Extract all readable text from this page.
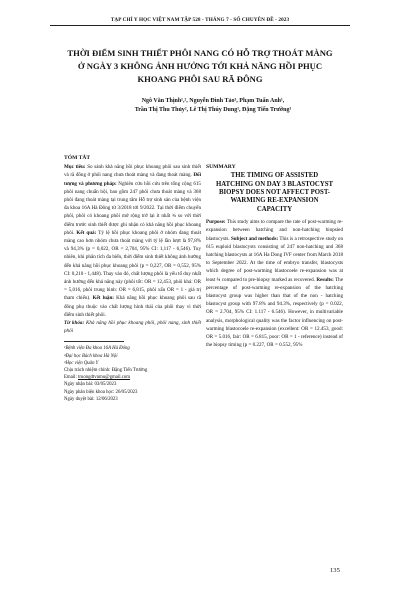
TẠP CHÍ Y HỌC VIỆT NAM TẬP 528 - THÁNG 7 - SỐ CHUYÊN ĐỀ - 2023
THỜI ĐIỂM SINH THIẾT PHÔI NANG CÓ HỖ TRỢ THOÁT MÀNG
Ở NGÀY 3 KHÔNG ẢNH HƯỞNG TỚI KHẢ NĂNG HỒI PHỤC
KHOANG PHÔI SAU RÃ ĐÔNG
Ngô Văn Thịnh¹,², Nguyễn Đình Tảo³, Phạm Tuấn Anh¹,
Trần Thị Thu Thủy², Lê Thị Thúy Dung¹, Đặng Tiến Trường¹
TÓM TẮT

Mục tiêu: So sánh khả năng hồi phục khoang phôi sau sinh thiết và rã đông ở phôi nang chưa thoát màng và đang thoát màng. Đối tượng và phương pháp: Nghiên cứu hồi cứu trên tổng cộng 615 phôi nang chuẩn bội, bao gồm 247 phôi chưa thoát màng và 368 phôi đang thoát màng tại trung tâm Hỗ trợ sinh sản của bệnh viện đa khoa 16A Hà Đông từ 3/2018 tới 9/2022. Tại thời điểm chuyển phôi, phôi có khoang phôi mở rộng trở lại ít nhất ¾ so với thời điểm trước sinh thiết được ghi nhận có khả năng hồi phục khoang phôi. Kết quả: Tỷ lệ hồi phục khoang phôi ở nhóm đang thoát màng cao hơn nhóm chưa thoát màng với tỷ lệ lần lượt là 97,8% và 94,3% (p = 0,022, OR = 2,704, 95% CI: 1,117 - 6,546). Tuy nhiên, khi phân tích đa biến, thời điểm sinh thiết không ảnh hưởng đến khả năng hồi phục khoang phôi (p = 0,227, OR = 0,552, 95% CI: 0,210 - 1,448). Thay vào đó, chất lượng phôi là yếu tố duy nhất ảnh hưởng đến khả năng này (phôi tốt: OR = 12,453, phôi khá: OR = 5,016, phôi trung bình: OR = 6,815, phôi xấu OR = 1 - giá trị tham chiếu). Kết luận: Khả năng hồi phục khoang phôi sau rã đông phụ thuộc vào chất lượng hình thái của phôi thay vì thời điểm sinh thiết phôi.

Từ khóa: Khả năng hồi phục khoang phôi, phôi nang, sinh thiết phôi

¹Bệnh viện Đa khoa 16A Hà Đông
²Đại học Bách khoa Hà Nội
³Học viện Quân Y
Chịu trách nhiệm chính: Đặng Tiến Trường
Email: truongdtvnmu@gmail.com
Ngày nhận bài: 03/05/2023
Ngày phản biện khoa học: 26/05/2023
Ngày duyệt bài: 12/06/2023
SUMMARY
THE TIMING OF ASSISTED
HATCHING ON DAY 3 BLASTOCYST
BIOPSY DOES NOT AFFECT POST-
WARMING RE-EXPANSION
CAPACITY

Purpose: This study aims to compare the rate of post-warming re-expansion between hatching and non-hatching biopsied blastocysts. Subject and methods: This is a retrospective study on 615 euploid blastocysts consisting of 247 non-hatching and 368 hatching blastocysts at 16A Ha Dong IVF center from March 2018 to September 2022. At the time of embryo transfer, blastocysts which degree of post-warming blastocoele re-expansion was at least ¾ compared to pre-biopsy marked as recovered. Results: The percentage of post-warming re-expansion of the hatching blastocyst group was higher than that of the non - hatching blastocyst group with 97.8% and 94.3%, respectively (p = 0.022, OR = 2.704, 95% CI: 1.117 - 6.546). However, in multivariable analysis, morphological quality was the factor influencing on post-warming blastocoele re-expansion (excellent: OR = 12.453, good: OR = 5.016, fair: OR = 6.815, poor: OR = 1 - reference) instead of the biopsy timing (p = 0.227, OR = 0.552, 95%

135
